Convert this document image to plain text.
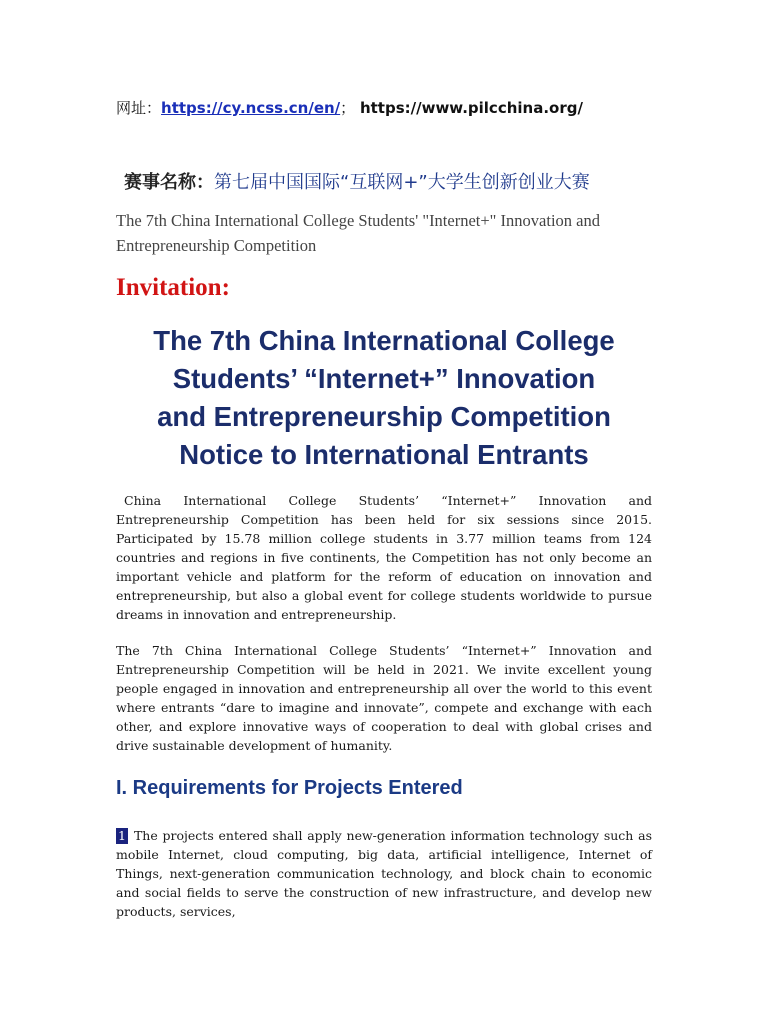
网址：https://cy.ncss.cn/en/； https://www.pilcchina.org/
赛事名称：第七届中国国际“互联网+”大学生创新创业大赛
The 7th China International College Students' "Internet+" Innovation and Entrepreneurship Competition
Invitation:
The 7th China International College
Students’ “Internet+” Innovation
and Entrepreneurship Competition
Notice to International Entrants
China International College Students’ “Internet+” Innovation and Entrepreneurship Competition has been held for six sessions since 2015. Participated by 15.78 million college students in 3.77 million teams from 124 countries and regions in five continents, the Competition has not only become an important vehicle and platform for the reform of education on innovation and entrepreneurship, but also a global event for college students worldwide to pursue dreams in innovation and entrepreneurship.
The 7th China International College Students’ “Internet+” Innovation and Entrepreneurship Competition will be held in 2021. We invite excellent young people engaged in innovation and entrepreneurship all over the world to this event where entrants “dare to imagine and innovate”, compete and exchange with each other, and explore innovative ways of cooperation to deal with global crises and drive sustainable development of humanity.
I. Requirements for Projects Entered
1 The projects entered shall apply new-generation information technology such as mobile Internet, cloud computing, big data, artificial intelligence, Internet of Things, next-generation communication technology, and block chain to economic and social fields to serve the construction of new infrastructure, and develop new products, services,
